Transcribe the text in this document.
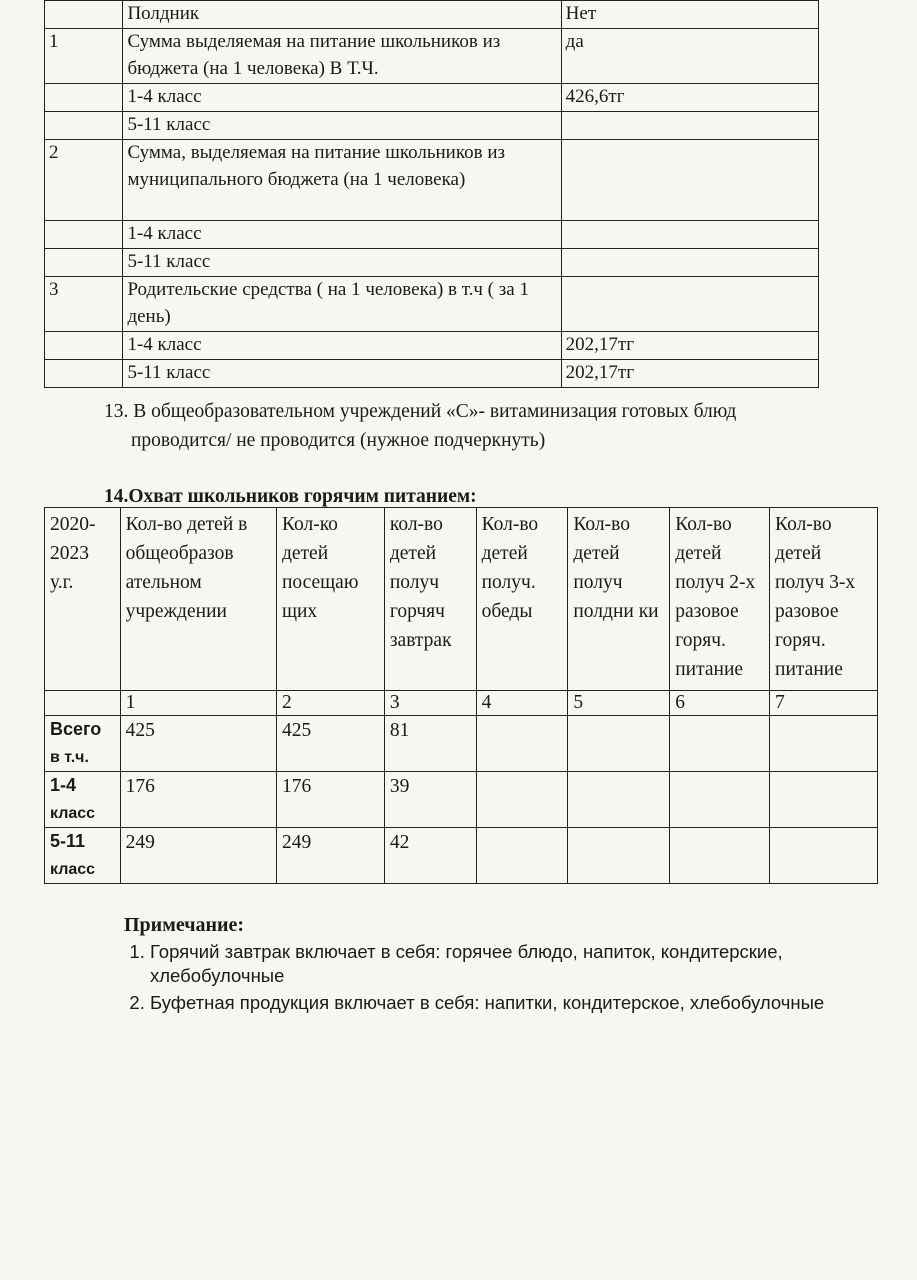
	Полдник	Нет
1	Сумма выделяемая на питание школьников из бюджета (на 1 человека) В Т.Ч.	да
	1-4 класс	426,6тг
	5-11 класс	
2	Сумма, выделяемая на питание школьников из муниципального бюджета (на 1 человека)	
	1-4 класс	
	5-11 класс	
3	Родительские средства ( на 1 человека) в т.ч ( за 1 день)	
	1-4 класс	202,17тг
	5-11 класс	202,17тг

13. В общеобразовательном учреждений «С»- витаминизация готовых блюд
проводится/ не проводится (нужное подчеркнуть)

14.Охват школьников горячим питанием:
2020-2023 у.г.	Кол-во детей в общеобразов ательном учреждении	Кол-ко детей посещаю щих	кол-во детей получ горчяч завтрак	Кол-во детей получ. обеды	Кол-во детей получ полдни ки	Кол-во детей получ 2-х разовое горяч. питание	Кол-во детей получ 3-х разовое горяч. питание
	1	2	3	4	5	6	7
Всего
в т.ч.	425	425	81				
1-4
класс	176	176	39				
5-11
класс	249	249	42				
Примечание:
1. Горячий завтрак включает в себя: горячее блюдо, напиток, кондитерские, хлебобулочные
2. Буфетная продукция включает в себя: напитки, кондитерское, хлебобулочные
